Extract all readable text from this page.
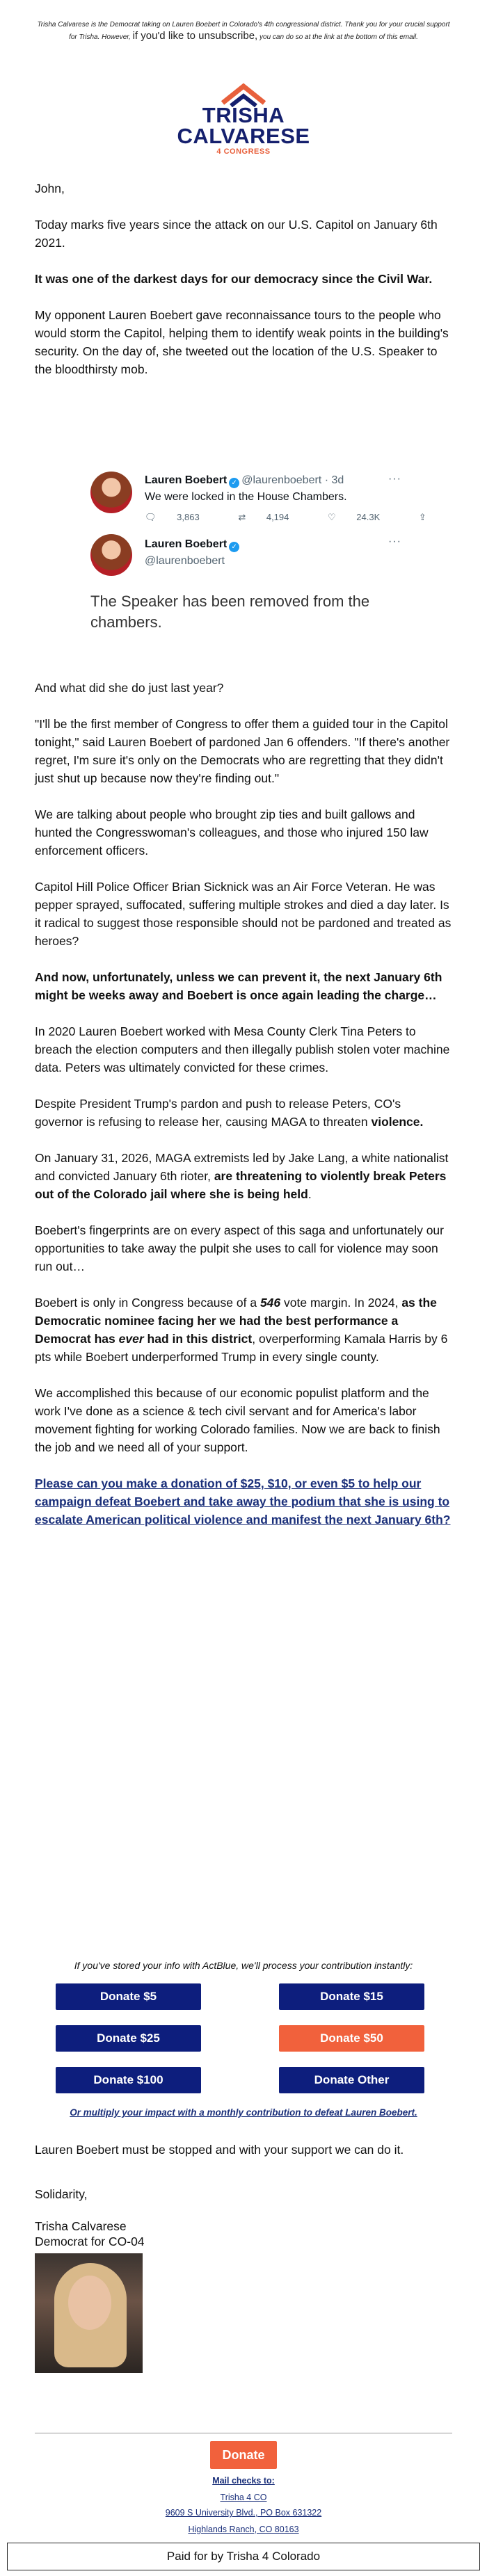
Trisha Calvarese is the Democrat taking on Lauren Boebert in Colorado's 4th congressional district. Thank you for your crucial support
for Trisha. However, if you'd like to unsubscribe, you can do so at the link at the bottom of this email.
TRISHA
CALVARESE
4 CONGRESS

John,

Today marks five years since the attack on our U.S. Capitol on January 6th 2021.

It was one of the darkest days for our democracy since the Civil War.

My opponent Lauren Boebert gave reconnaissance tours to the people who would storm the Capitol, helping them to identify weak points in the building's security. On the day of, she tweeted out the location of the U.S. Speaker to the bloodthirsty mob.

Lauren Boebert ✓ @laurenboebert · 3d	···
We were locked in the House Chambers.
🗨 3,863	⇄ 4,194	♡ 24.3K	⇪
Lauren Boebert ✓
@laurenboebert
···
The Speaker has been removed from the chambers.

And what did she do just last year?

"I'll be the first member of Congress to offer them a guided tour in the Capitol tonight," said Lauren Boebert of pardoned Jan 6 offenders. "If there's another regret, I'm sure it's only on the Democrats who are regretting that they didn't just shut up because now they're finding out."

We are talking about people who brought zip ties and built gallows and hunted the Congresswoman's colleagues, and those who injured 150 law enforcement officers.

Capitol Hill Police Officer Brian Sicknick was an Air Force Veteran. He was pepper sprayed, suffocated, suffering multiple strokes and died a day later. Is it radical to suggest those responsible should not be pardoned and treated as heroes?

And now, unfortunately, unless we can prevent it, the next January 6th might be weeks away and Boebert is once again leading the charge…

In 2020 Lauren Boebert worked with Mesa County Clerk Tina Peters to breach the election computers and then illegally publish stolen voter machine data. Peters was ultimately convicted for these crimes.

Despite President Trump's pardon and push to release Peters, CO's governor is refusing to release her, causing MAGA to threaten violence.

On January 31, 2026, MAGA extremists led by Jake Lang, a white nationalist and convicted January 6th rioter, are threatening to violently break Peters out of the Colorado jail where she is being held.

Boebert's fingerprints are on every aspect of this saga and unfortunately our opportunities to take away the pulpit she uses to call for violence may soon run out…

Boebert is only in Congress because of a 546 vote margin. In 2024, as the Democratic nominee facing her we had the best performance a Democrat has ever had in this district, overperforming Kamala Harris by 6 pts while Boebert underperformed Trump in every single county.

We accomplished this because of our economic populist platform and the work I've done as a science & tech civil servant and for America's labor movement fighting for working Colorado families. Now we are back to finish the job and we need all of your support.

Please can you make a donation of $25, $10, or even $5 to help our campaign defeat Boebert and take away the podium that she is using to escalate American political violence and manifest the next January 6th?

If you've stored your info with ActBlue, we'll process your contribution instantly:
Donate $5	Donate $15
Donate $25	Donate $50
Donate $100	Donate Other
Or multiply your impact with a monthly contribution to defeat Lauren Boebert.
Lauren Boebert must be stopped and with your support we can do it.
Solidarity,
Trisha Calvarese
Democrat for CO-04
Donate
Mail checks to:
Trisha 4 CO
9609 S University Blvd., PO Box 631322
Paid for by Trisha 4 Colorado
Highlands Ranch, CO 80163
